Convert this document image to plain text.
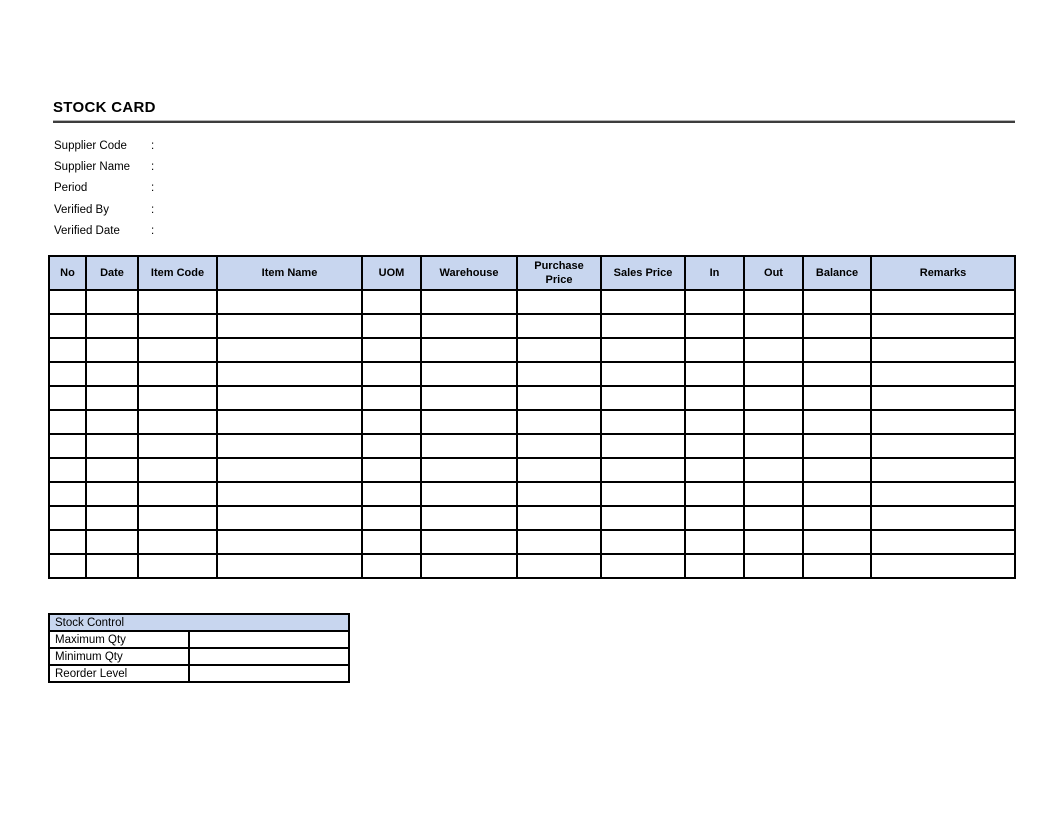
STOCK CARD
Supplier Code	:
Supplier Name	:
Period	:
Verified By	:
Verified Date	:
No	Date	Item Code	Item Name	UOM	Warehouse	Purchase Price	Sales Price	In	Out	Balance	Remarks

Stock Control	
Maximum Qty	
Minimum Qty	
Reorder Level	
